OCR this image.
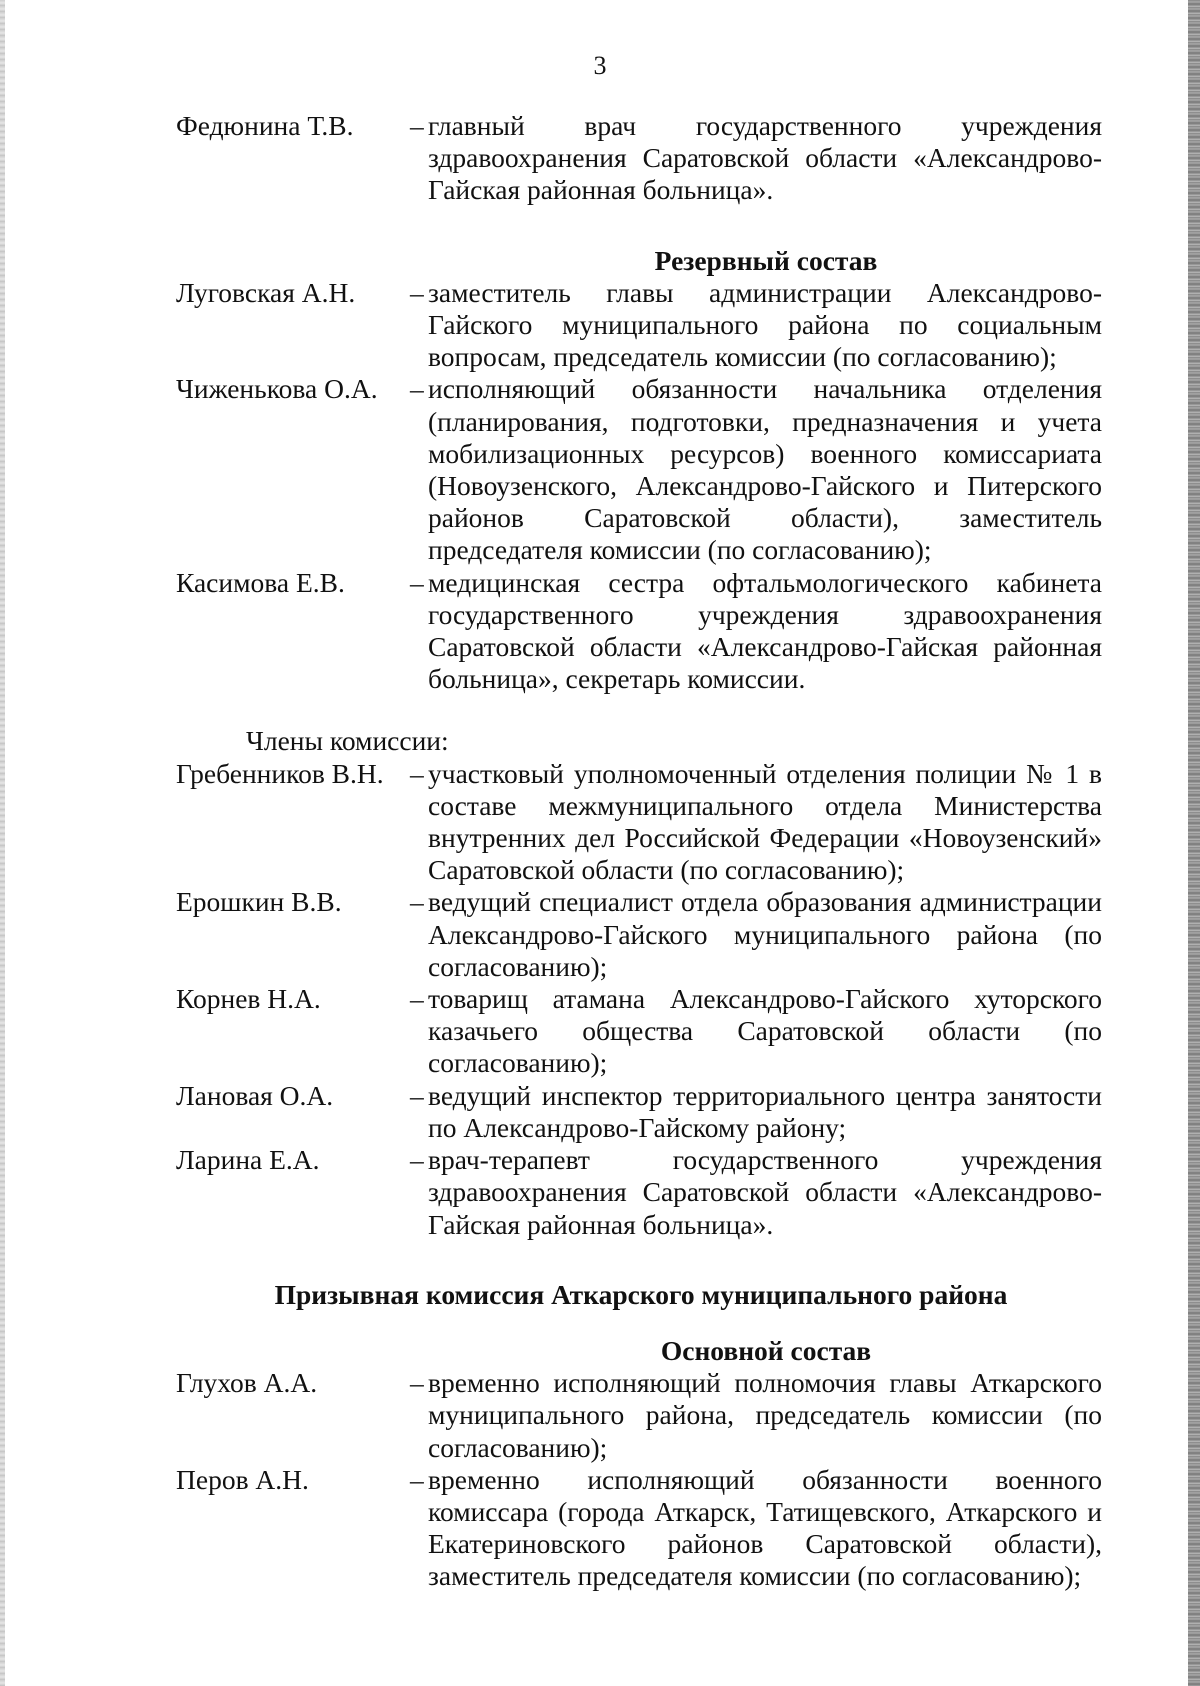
3
Федюнина Т.В.	– главный врач государственного учреждения здравоохранения Саратовской области «Александрово-Гайская районная больница».
Резервный состав
Луговская А.Н.	– заместитель главы администрации Александрово-Гайского муниципального района по социальным вопросам, председатель комиссии (по согласованию);
Чиженькова О.А.	– исполняющий обязанности начальника отделения (планирования, подготовки, предназначения и учета мобилизационных ресурсов) военного комиссариата (Новоузенского, Александрово-Гайского и Питерского районов Саратовской области), заместитель председателя комиссии (по согласованию);
Касимова Е.В.	– медицинская сестра офтальмологического кабинета государственного учреждения здравоохранения Саратовской области «Александрово-Гайская районная больница», секретарь комиссии.
Члены комиссии:
Гребенников В.Н. – участковый уполномоченный отделения полиции № 1 в составе межмуниципального отдела Министерства внутренних дел Российской Федерации «Новоузенский» Саратовской области (по согласованию);
Ерошкин В.В.	– ведущий специалист отдела образования администрации Александрово-Гайского муниципального района (по согласованию);
Корнев Н.А.	– товарищ атамана Александрово-Гайского хуторского казачьего общества Саратовской области (по согласованию);
Лановая О.А.	– ведущий инспектор территориального центра занятости по Александрово-Гайскому району;
Ларина Е.А.	– врач-терапевт государственного учреждения здравоохранения Саратовской области «Александрово-Гайская районная больница».
Призывная комиссия Аткарского муниципального района
Основной состав
Глухов А.А.	– временно исполняющий полномочия главы Аткарского муниципального района, председатель комиссии (по согласованию);
Перов А.Н.	– временно исполняющий обязанности военного комиссара (города Аткарск, Татищевского, Аткарского и Екатериновского районов Саратовской области), заместитель председателя комиссии (по согласованию);
